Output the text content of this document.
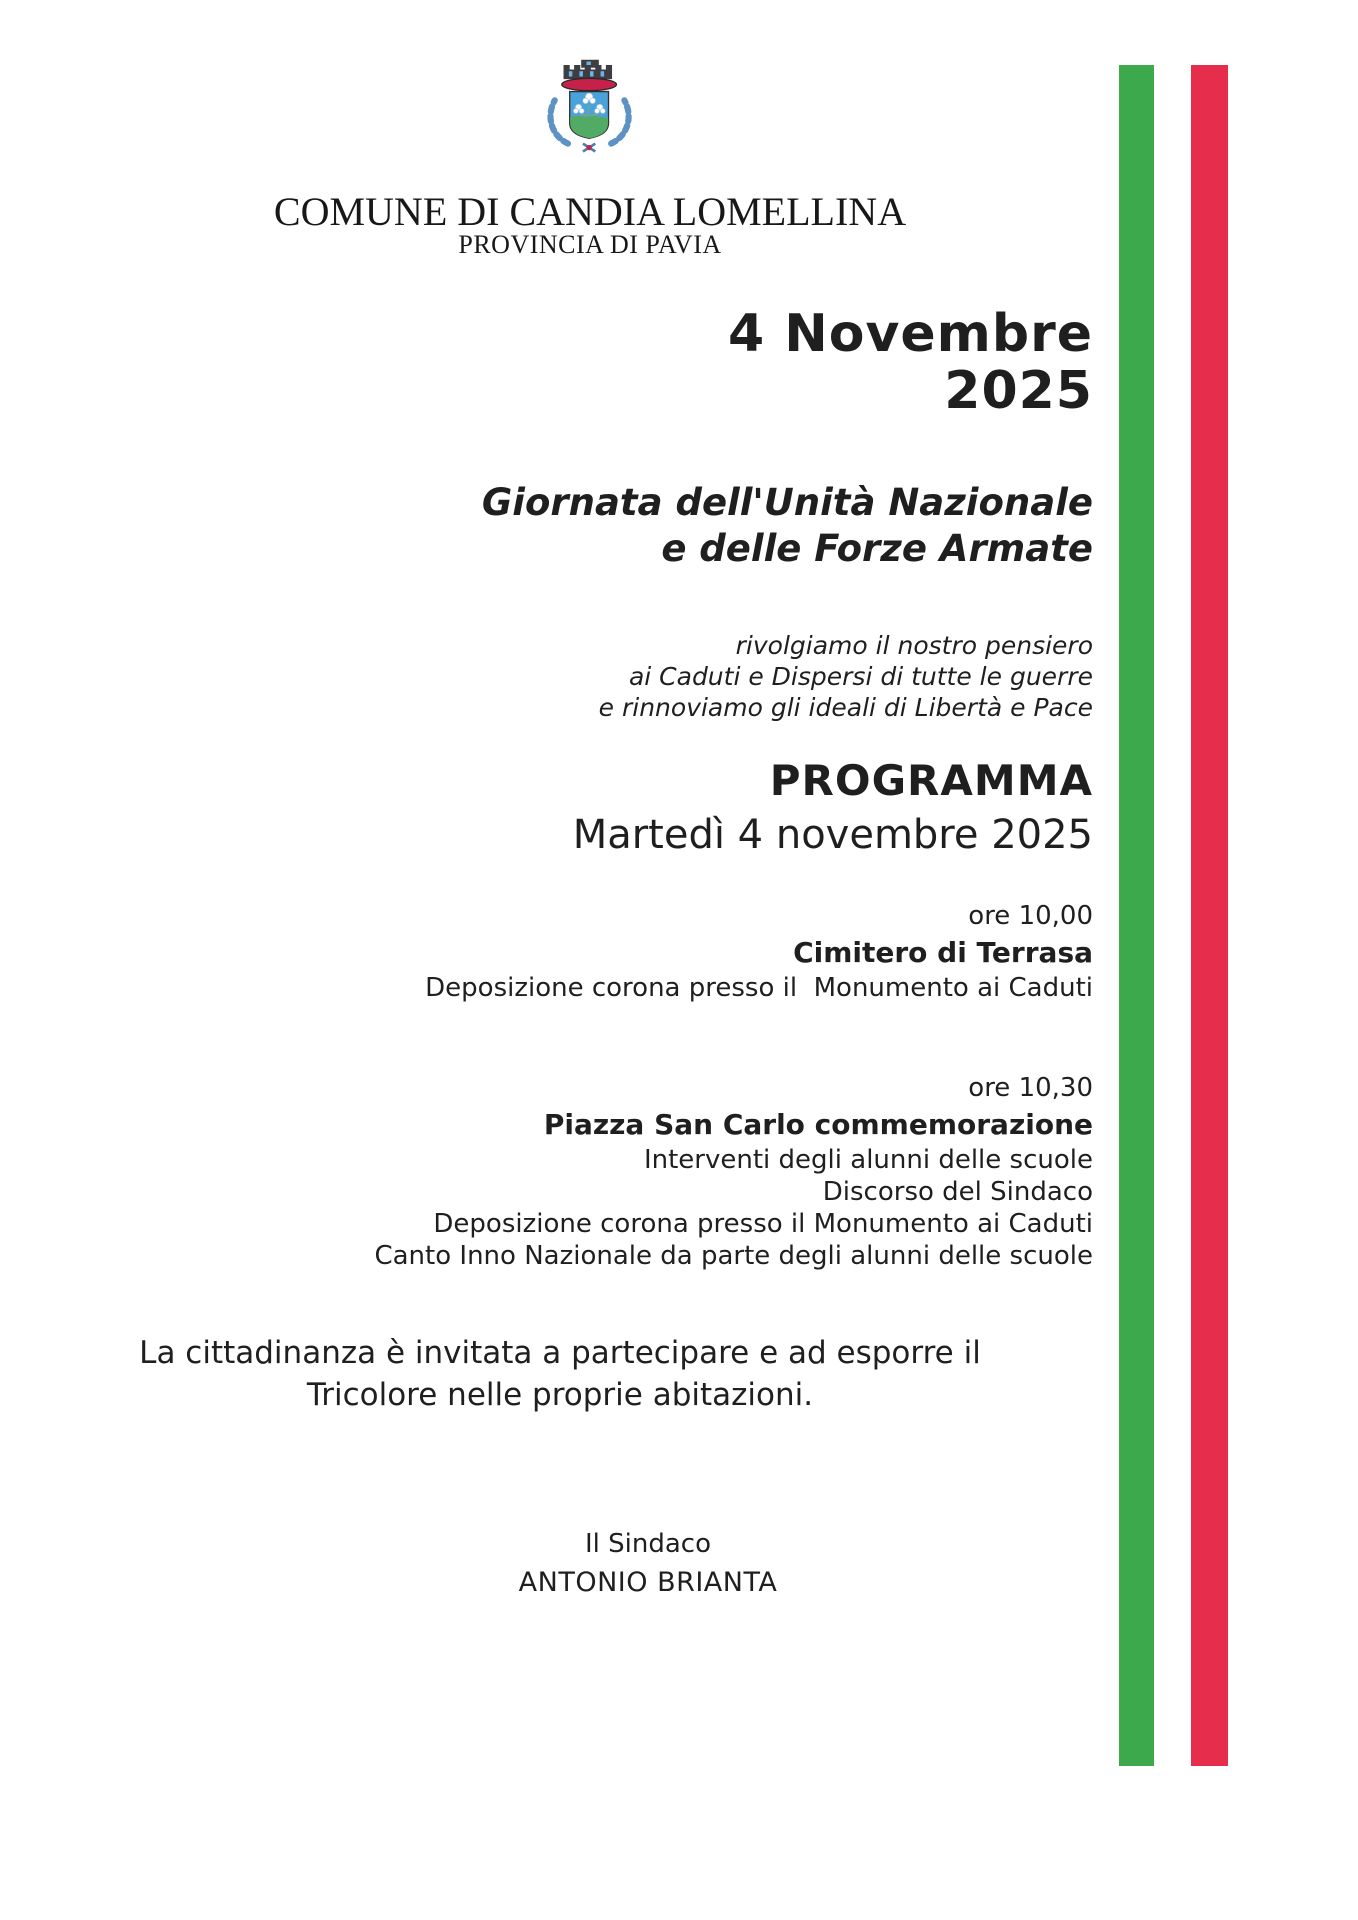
COMUNE DI CANDIA LOMELLINA
PROVINCIA DI PAVIA
4 Novembre
2025
Giornata dell'Unità Nazionale
e delle Forze Armate
rivolgiamo il nostro pensiero
ai Caduti e Dispersi di tutte le guerre
e rinnoviamo gli ideali di Libertà e Pace
PROGRAMMA
Martedì 4 novembre 2025
ore 10,00
Cimitero di Terrasa
Deposizione corona presso il  Monumento ai Caduti
ore 10,30
Piazza San Carlo commemorazione
Interventi degli alunni delle scuole
Discorso del Sindaco
Deposizione corona presso il Monumento ai Caduti
Canto Inno Nazionale da parte degli alunni delle scuole
La cittadinanza è invitata a partecipare e ad esporre il
Tricolore nelle proprie abitazioni.
Il Sindaco
ANTONIO BRIANTA
